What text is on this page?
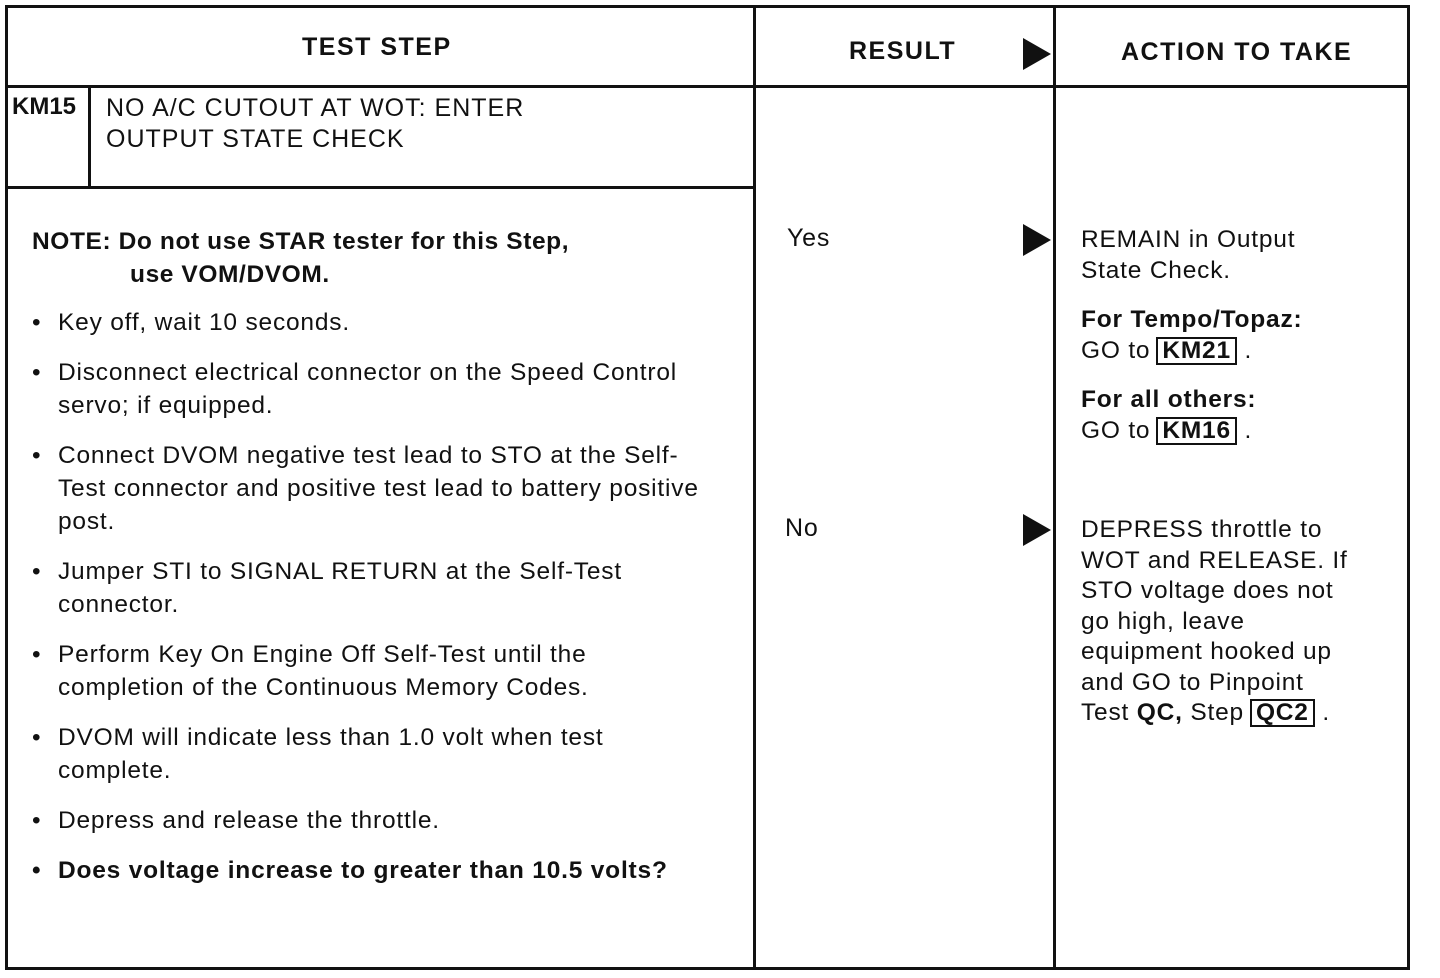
TEST STEP	RESULT	ACTION TO TAKE
KM15 NO A/C CUTOUT AT WOT: ENTER
OUTPUT STATE CHECK
NOTE: Do not use STAR tester for this Step,
use VOM/DVOM.
• Key off, wait 10 seconds.
• Disconnect electrical connector on the Speed Control servo; if equipped.
• Connect DVOM negative test lead to STO at the Self-Test connector and positive test lead to battery positive post.
• Jumper STI to SIGNAL RETURN at the Self-Test connector.
• Perform Key On Engine Off Self-Test until the completion of the Continuous Memory Codes.
• DVOM will indicate less than 1.0 volt when test complete.
• Depress and release the throttle.
• Does voltage increase to greater than 10.5 volts?
Yes
No
REMAIN in Output
State Check.
For Tempo/Topaz:
GO to KM21 .
For all others:
GO to KM16 .
DEPRESS throttle to
WOT and RELEASE. If
STO voltage does not
go high, leave
equipment hooked up
and GO to Pinpoint
Test QC, Step QC2 .
